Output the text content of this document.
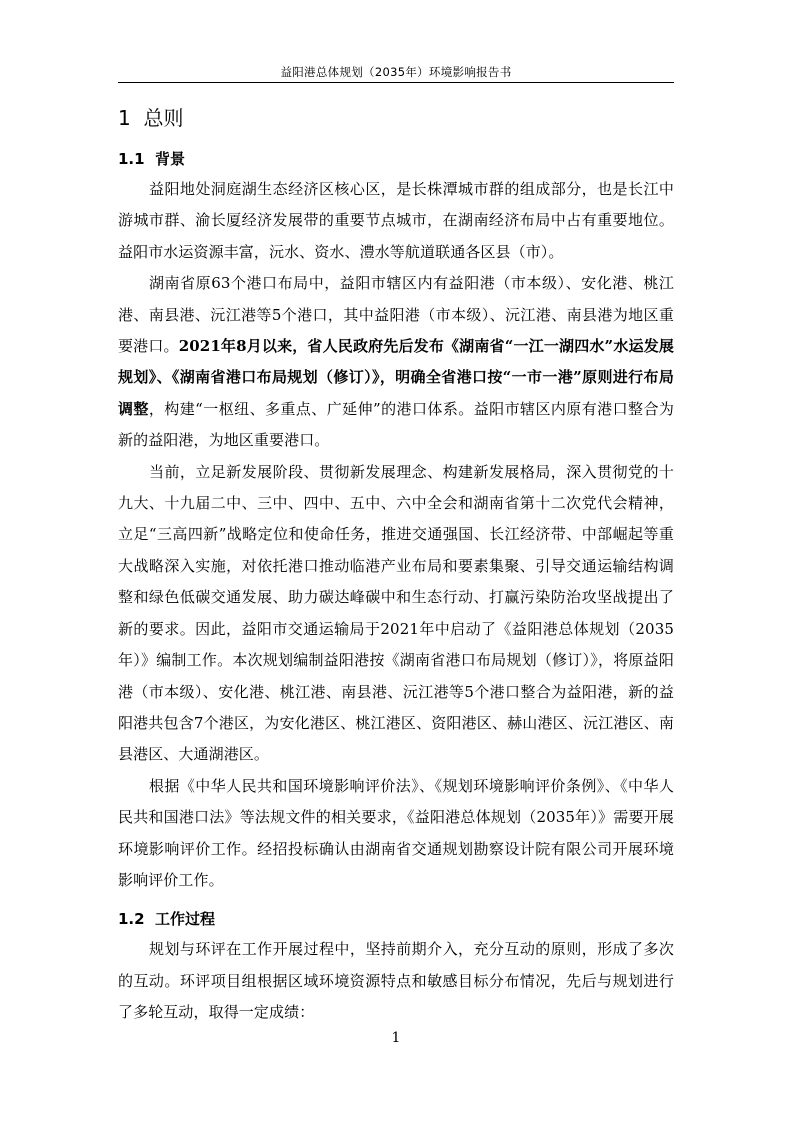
益阳港总体规划（2035年）环境影响报告书
1 总则
1.1 背景

益阳地处洞庭湖生态经济区核心区，是长株潭城市群的组成部分，也是长江中游城市群、渝长厦经济发展带的重要节点城市，在湖南经济布局中占有重要地位。益阳市水运资源丰富，沅水、资水、澧水等航道联通各区县（市）。

湖南省原63个港口布局中，益阳市辖区内有益阳港（市本级）、安化港、桃江港、南县港、沅江港等5个港口，其中益阳港（市本级）、沅江港、南县港为地区重要港口。2021年8月以来，省人民政府先后发布《湖南省“一江一湖四水”水运发展规划》、《湖南省港口布局规划（修订）》，明确全省港口按“一市一港”原则进行布局调整，构建“一枢纽、多重点、广延伸”的港口体系。益阳市辖区内原有港口整合为新的益阳港，为地区重要港口。

当前，立足新发展阶段、贯彻新发展理念、构建新发展格局，深入贯彻党的十九大、十九届二中、三中、四中、五中、六中全会和湖南省第十二次党代会精神，立足“三高四新”战略定位和使命任务，推进交通强国、长江经济带、中部崛起等重大战略深入实施，对依托港口推动临港产业布局和要素集聚、引导交通运输结构调整和绿色低碳交通发展、助力碳达峰碳中和生态行动、打赢污染防治攻坚战提出了新的要求。因此，益阳市交通运输局于2021年中启动了《益阳港总体规划（2035年）》编制工作。本次规划编制益阳港按《湖南省港口布局规划（修订）》，将原益阳港（市本级）、安化港、桃江港、南县港、沅江港等5个港口整合为益阳港，新的益阳港共包含7个港区，为安化港区、桃江港区、资阳港区、赫山港区、沅江港区、南县港区、大通湖港区。

根据《中华人民共和国环境影响评价法》、《规划环境影响评价条例》、《中华人民共和国港口法》等法规文件的相关要求，《益阳港总体规划（2035年）》需要开展环境影响评价工作。经招投标确认由湖南省交通规划勘察设计院有限公司开展环境影响评价工作。

1.2 工作过程

规划与环评在工作开展过程中，坚持前期介入，充分互动的原则，形成了多次的互动。环评项目组根据区域环境资源特点和敏感目标分布情况，先后与规划进行了多轮互动，取得一定成绩：

1
